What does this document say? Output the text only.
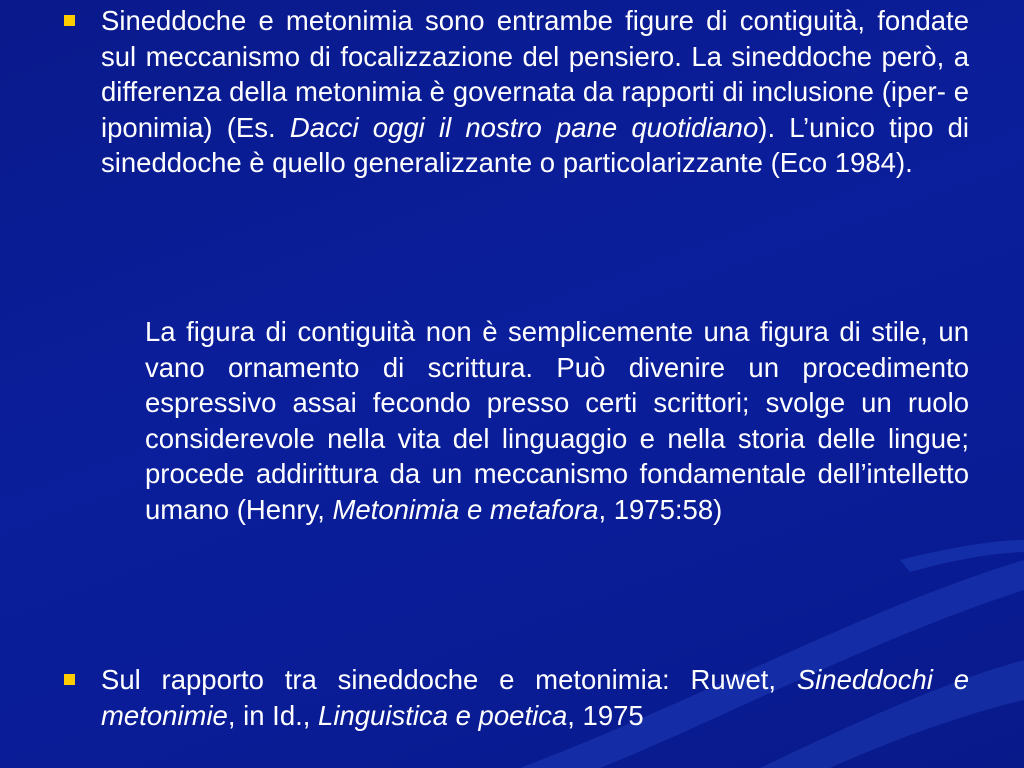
Sineddoche e metonimia sono entrambe figure di contiguità, fondate sul meccanismo di focalizzazione del pensiero. La sineddoche però, a differenza della metonimia è governata da rapporti di inclusione (iper- e iponimia) (Es. Dacci oggi il nostro pane quotidiano). L’unico tipo di sineddoche è quello generalizzante o particolarizzante (Eco 1984).
La figura di contiguità non è semplicemente una figura di stile, un vano ornamento di scrittura. Può divenire un procedimento espressivo assai fecondo presso certi scrittori; svolge un ruolo considerevole nella vita del linguaggio e nella storia delle lingue; procede addirittura da un meccanismo fondamentale dell’intelletto umano (Henry, Metonimia e metafora, 1975:58)
Sul rapporto tra sineddoche e metonimia: Ruwet, Sineddochi e metonimie, in Id., Linguistica e poetica, 1975
